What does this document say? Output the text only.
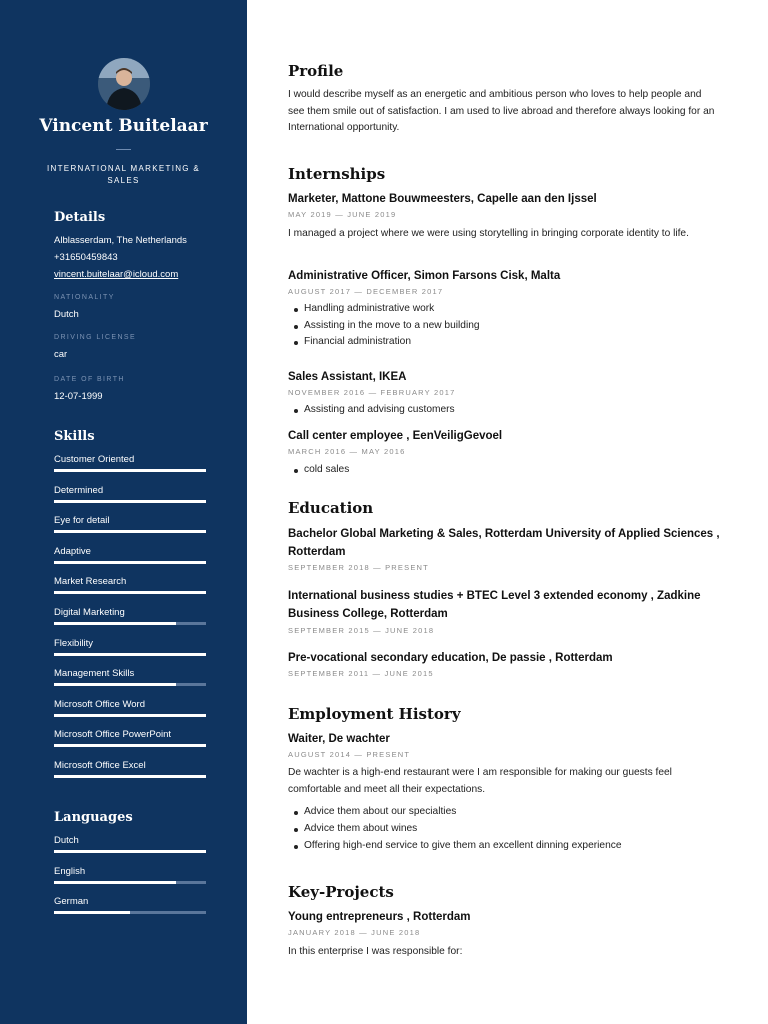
Vincent Buitelaar
INTERNATIONAL MARKETING & SALES
Details
Alblasserdam, The Netherlands
+31650459843
vincent.buitelaar@icloud.com
NATIONALITY
Dutch
DRIVING LICENSE
car
DATE OF BIRTH
12-07-1999
Skills
Customer Oriented
Determined
Eye for detail
Adaptive
Market Research
Digital Marketing
Flexibility
Management Skills
Microsoft Office Word
Microsoft Office PowerPoint
Microsoft Office Excel
Languages
Dutch
English
German
Profile
I would describe myself as an energetic and ambitious person who loves to help people and see them smile out of satisfaction. I am used to live abroad and therefore always looking for an International opportunity.
Internships
Marketer, Mattone Bouwmeesters, Capelle aan den Ijssel
MAY 2019 — JUNE 2019
I managed a project where we were using storytelling in bringing corporate identity to life.
Administrative Officer, Simon Farsons Cisk, Malta
AUGUST 2017 — DECEMBER 2017
Handling administrative work
Assisting in the move to a new building
Financial administration
Sales Assistant, IKEA
NOVEMBER 2016 — FEBRUARY 2017
Assisting and advising customers
Call center employee , EenVeiligGevoel
MARCH 2016 — MAY 2016
cold sales
Education
Bachelor Global Marketing & Sales, Rotterdam University of Applied Sciences , Rotterdam
SEPTEMBER 2018 — PRESENT
International business studies + BTEC Level 3 extended economy , Zadkine Business College, Rotterdam
SEPTEMBER 2015 — JUNE 2018
Pre-vocational secondary education, De passie , Rotterdam
SEPTEMBER 2011 — JUNE 2015
Employment History
Waiter, De wachter
AUGUST 2014 — PRESENT
De wachter is a high-end restaurant were I am responsible for making our guests feel comfortable and meet all their expectations.
Advice them about our specialties
Advice them about wines
Offering high-end service to give them an excellent dinning experience
Key-Projects
Young entrepreneurs , Rotterdam
JANUARY 2018 — JUNE 2018
In this enterprise I was responsible for:
